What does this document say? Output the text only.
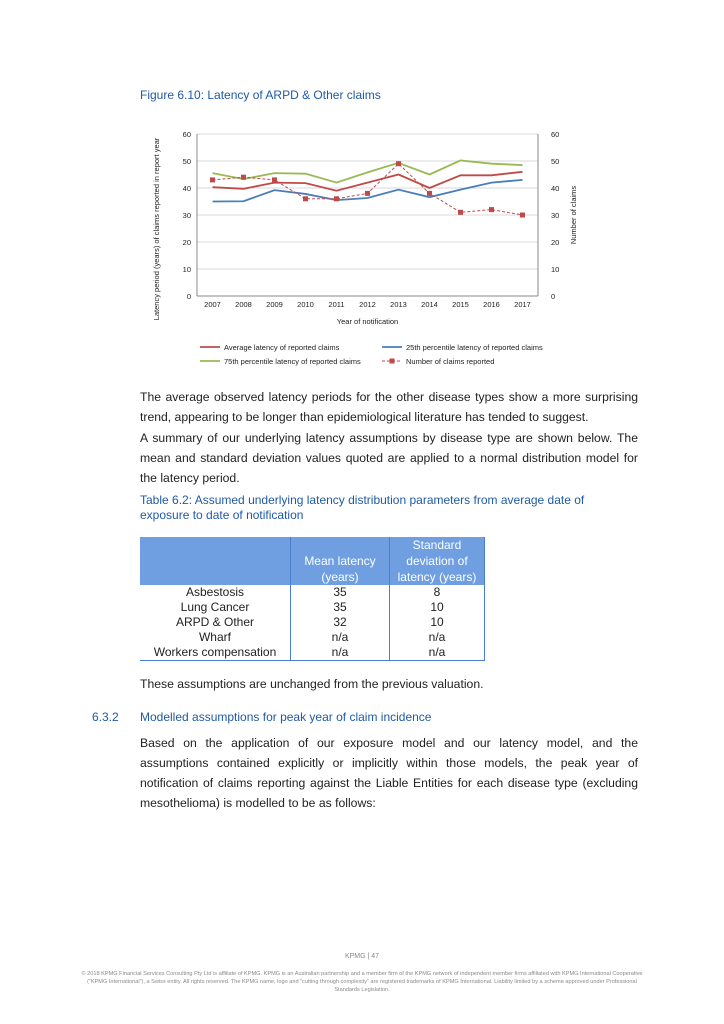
Figure 6.10: Latency of ARPD & Other claims
0	0
10	10
20	20
30	30
40	40
50	50
60	60
2007 2008 2009 2010 2011 2012 2013 2014 2015 2016 2017
Year of notification
Latency period (years) of claims reported in report year	Number of claims
Average latency of reported claims	25th percentile latency of reported claims
75th percentile latency of reported claims	Number of claims reported
The average observed latency periods for the other disease types show a more surprising trend, appearing to be longer than epidemiological literature has tended to suggest.
A summary of our underlying latency assumptions by disease type are shown below. The mean and standard deviation values quoted are applied to a normal distribution model for the latency period.
Table 6.2: Assumed underlying latency distribution parameters from average date of exposure to date of notification
	Mean latency (years)	Standard deviation of latency (years)
Asbestosis	35	8
Lung Cancer	35	10
ARPD & Other	32	10
Wharf	n/a	n/a
Workers compensation	n/a	n/a
These assumptions are unchanged from the previous valuation.
6.3.2 Modelled assumptions for peak year of claim incidence
Based on the application of our exposure model and our latency model, and the assumptions contained explicitly or implicitly within those models, the peak year of notification of claims reporting against the Liable Entities for each disease type (excluding mesothelioma) is modelled to be as follows:
KPMG | 47
© 2018 KPMG Financial Services Consulting Pty Ltd is affiliate of KPMG. KPMG is an Australian partnership and a member firm of the KPMG network of independent member firms affiliated with KPMG International Cooperative (“KPMG International”), a Swiss entity. All rights reserved. The KPMG name, logo and “cutting through complexity” are registered trademarks of KPMG International. Liability limited by a scheme approved under Professional Standards Legislation.
